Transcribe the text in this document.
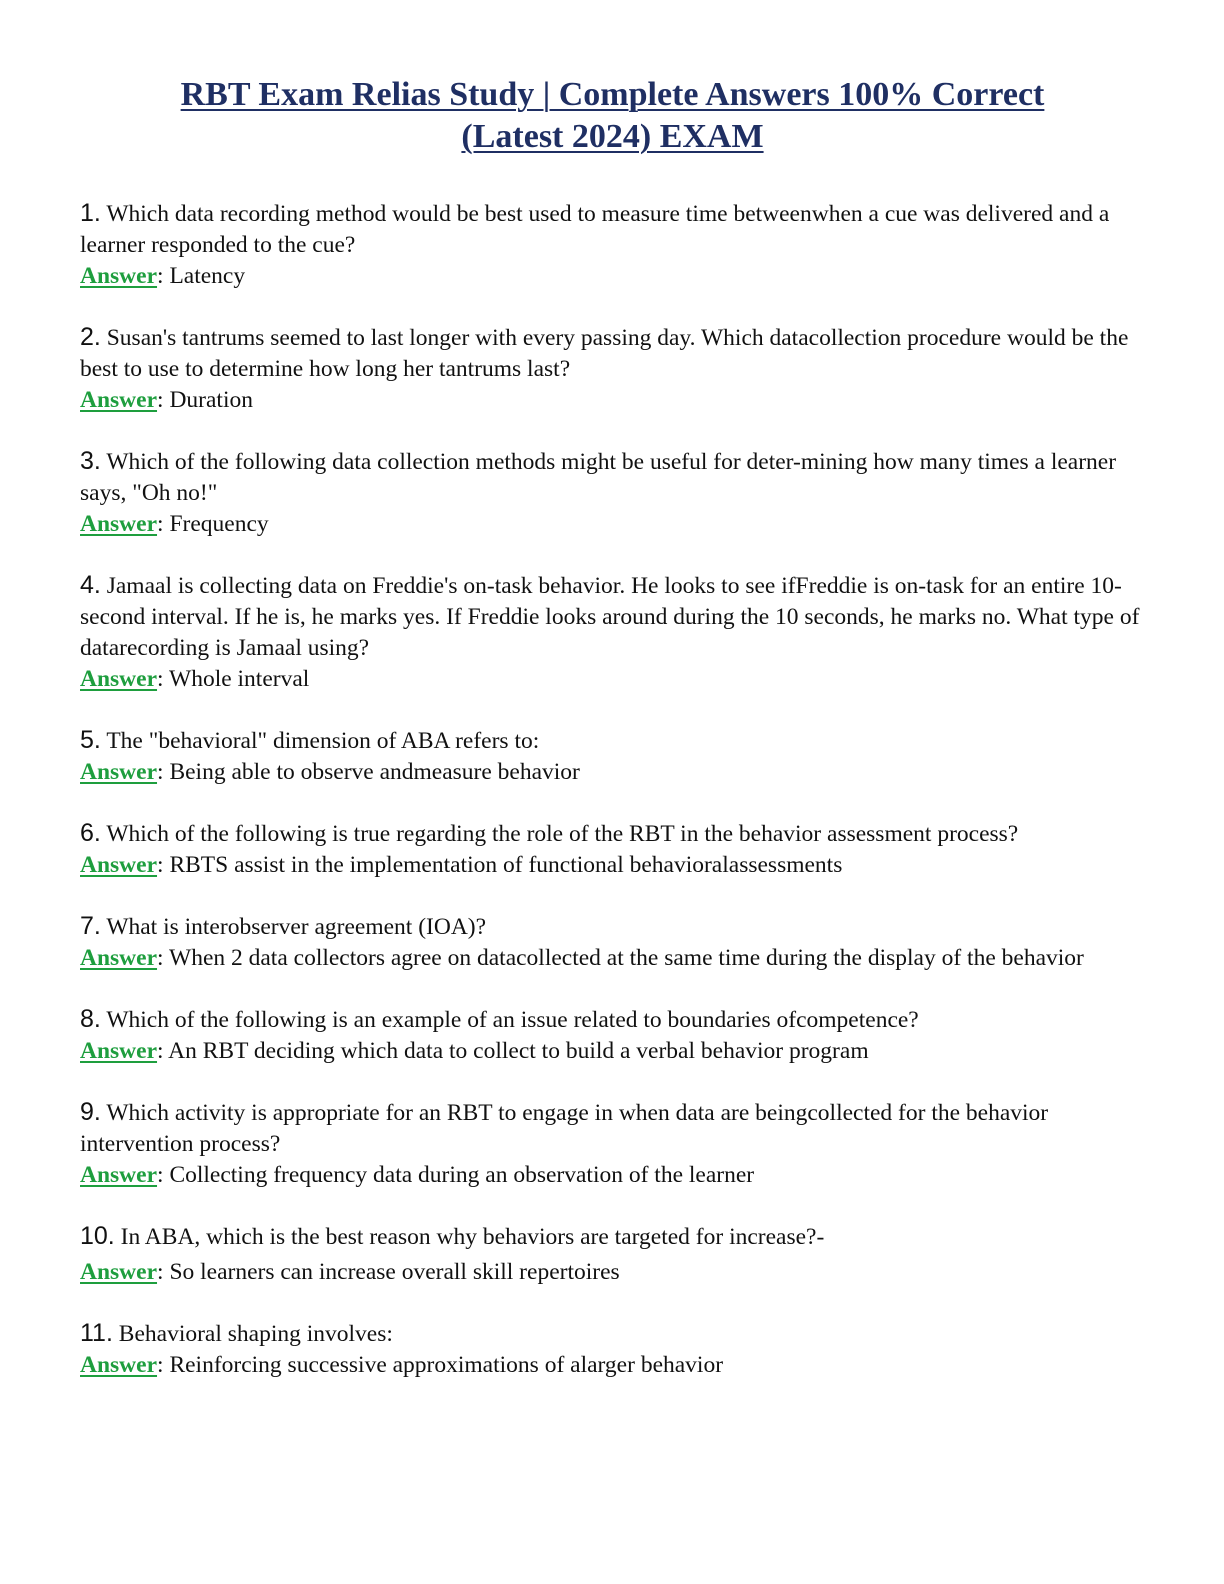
RBT Exam Relias Study | Complete Answers 100% Correct
(Latest 2024) EXAM

1. Which data recording method would be best used to measure time betweenwhen a cue was delivered and a learner responded to the cue?

Answer: Latency

2. Susan's tantrums seemed to last longer with every passing day. Which datacollection procedure would be the best to use to determine how long her tantrums last?

Answer: Duration

3. Which of the following data collection methods might be useful for deter-mining how many times a learner says, "Oh no!"

Answer: Frequency

4. Jamaal is collecting data on Freddie's on-task behavior. He looks to see ifFreddie is on-task for an entire 10-second interval. If he is, he marks yes. If Freddie looks around during the 10 seconds, he marks no. What type of datarecording is Jamaal using?

Answer: Whole interval

5. The "behavioral" dimension of ABA refers to:

Answer: Being able to observe andmeasure behavior

6. Which of the following is true regarding the role of the RBT in the behavior assessment process?

Answer: RBTS assist in the implementation of functional behavioralassessments

7. What is interobserver agreement (IOA)?

Answer: When 2 data collectors agree on datacollected at the same time during the display of the behavior

8. Which of the following is an example of an issue related to boundaries ofcompetence?

Answer: An RBT deciding which data to collect to build a verbal behavior program

9. Which activity is appropriate for an RBT to engage in when data are beingcollected for the behavior intervention process?

Answer: Collecting frequency data during an observation of the learner

10. In ABA, which is the best reason why behaviors are targeted for increase?-

Answer: So learners can increase overall skill repertoires

11. Behavioral shaping involves:

Answer: Reinforcing successive approximations of alarger behavior
